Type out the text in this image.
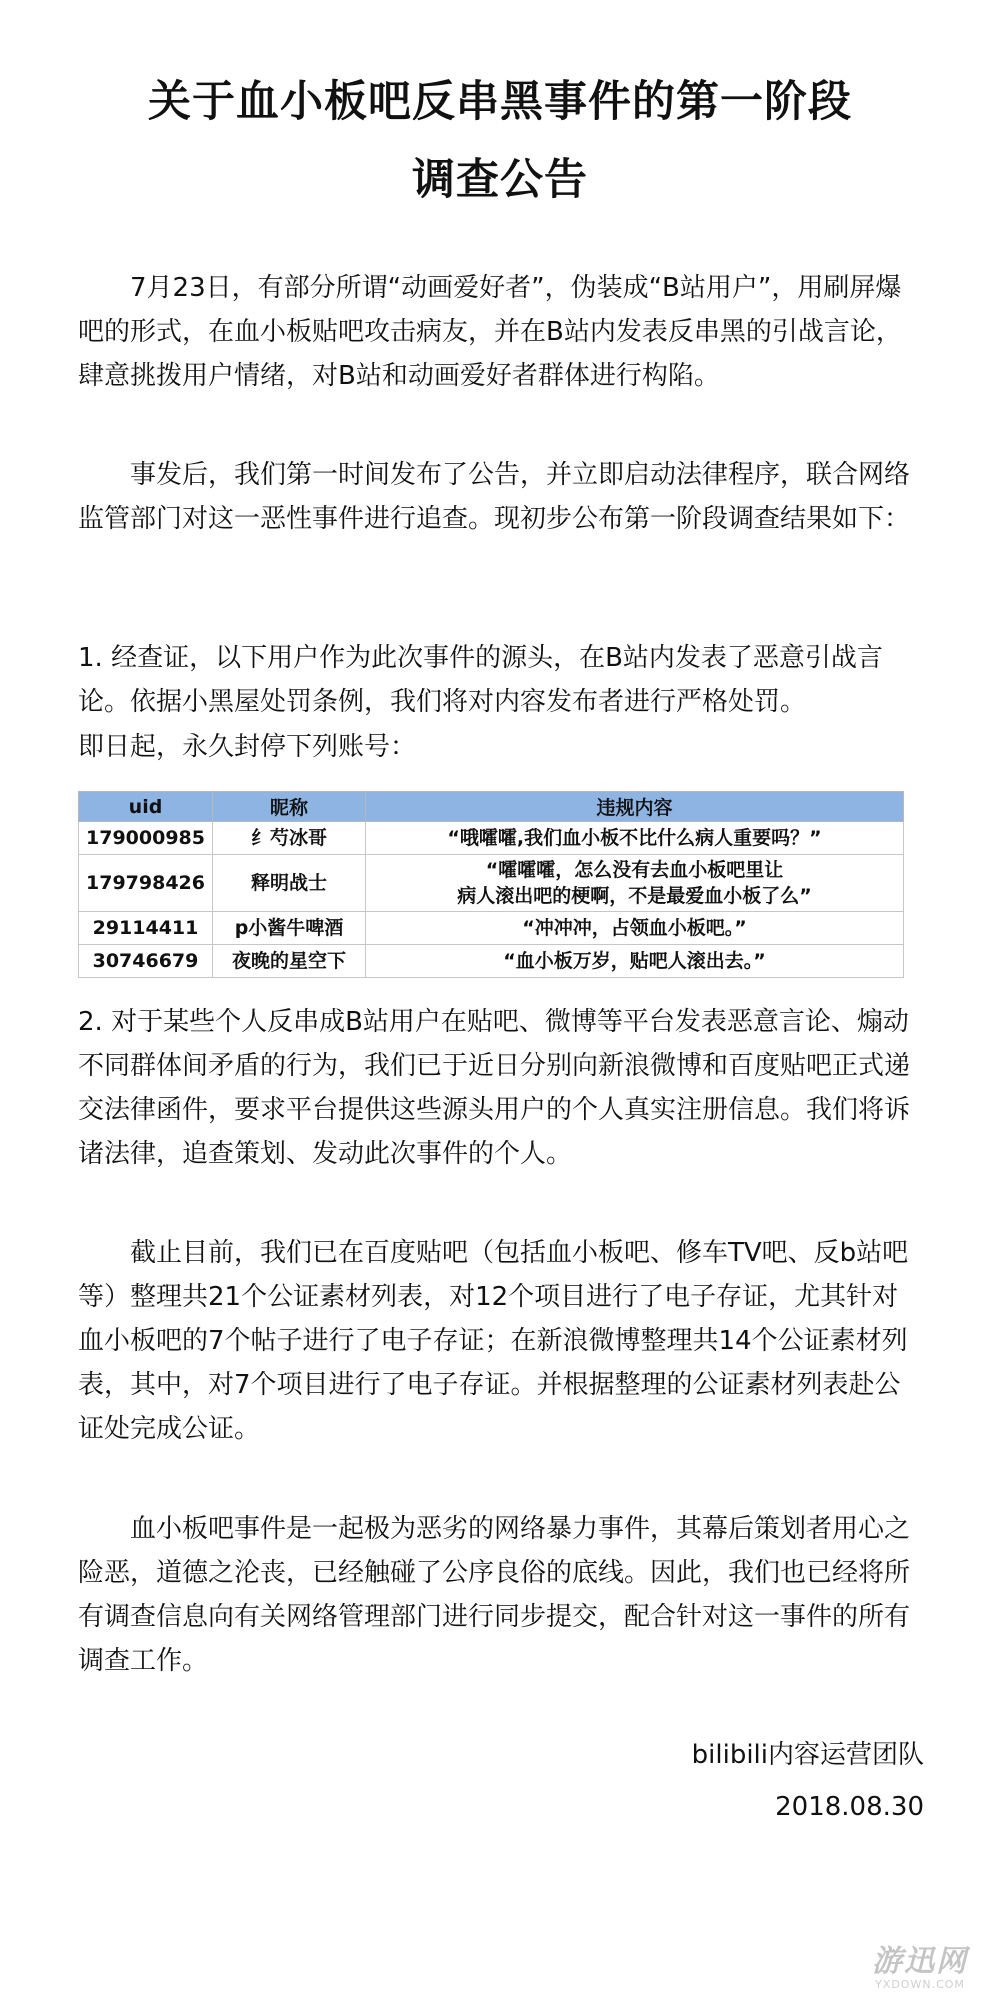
关于血小板吧反串黑事件的第一阶段
调查公告

7月23日，有部分所谓“动画爱好者”，伪装成“B站用户”，用刷屏爆吧的形式，在血小板贴吧攻击病友，并在B站内发表反串黑的引战言论，肆意挑拨用户情绪，对B站和动画爱好者群体进行构陷。

事发后，我们第一时间发布了公告，并立即启动法律程序，联合网络监管部门对这一恶性事件进行追查。现初步公布第一阶段调查结果如下：

1. 经查证，以下用户作为此次事件的源头，在B站内发表了恶意引战言论。依据小黑屋处罚条例，我们将对内容发布者进行严格处罚。

即日起，永久封停下列账号：

uid	昵称	违规内容
179000985	纟芍冰哥	“哦嚯嚯,我们血小板不比什么病人重要吗？”
179798426	释明战士	“嚯嚯嚯，怎么没有去血小板吧里让
病人滚出吧的梗啊，不是最爱血小板了么”
29114411	p小酱牛啤酒	“冲冲冲，占领血小板吧。”
30746679	夜晚的星空下	“血小板万岁，贴吧人滚出去。”

2. 对于某些个人反串成B站用户在贴吧、微博等平台发表恶意言论、煽动不同群体间矛盾的行为，我们已于近日分别向新浪微博和百度贴吧正式递交法律函件，要求平台提供这些源头用户的个人真实注册信息。我们将诉诸法律，追查策划、发动此次事件的个人。

截止目前，我们已在百度贴吧（包括血小板吧、修车TV吧、反b站吧等）整理共21个公证素材列表，对12个项目进行了电子存证，尤其针对血小板吧的7个帖子进行了电子存证；在新浪微博整理共14个公证素材列表，其中，对7个项目进行了电子存证。并根据整理的公证素材列表赴公证处完成公证。

血小板吧事件是一起极为恶劣的网络暴力事件，其幕后策划者用心之险恶，道德之沦丧，已经触碰了公序良俗的底线。因此，我们也已经将所有调查信息向有关网络管理部门进行同步提交，配合针对这一事件的所有调查工作。

bilibili内容运营团队
2018.08.30
游迅网
YXDOWN.COM
